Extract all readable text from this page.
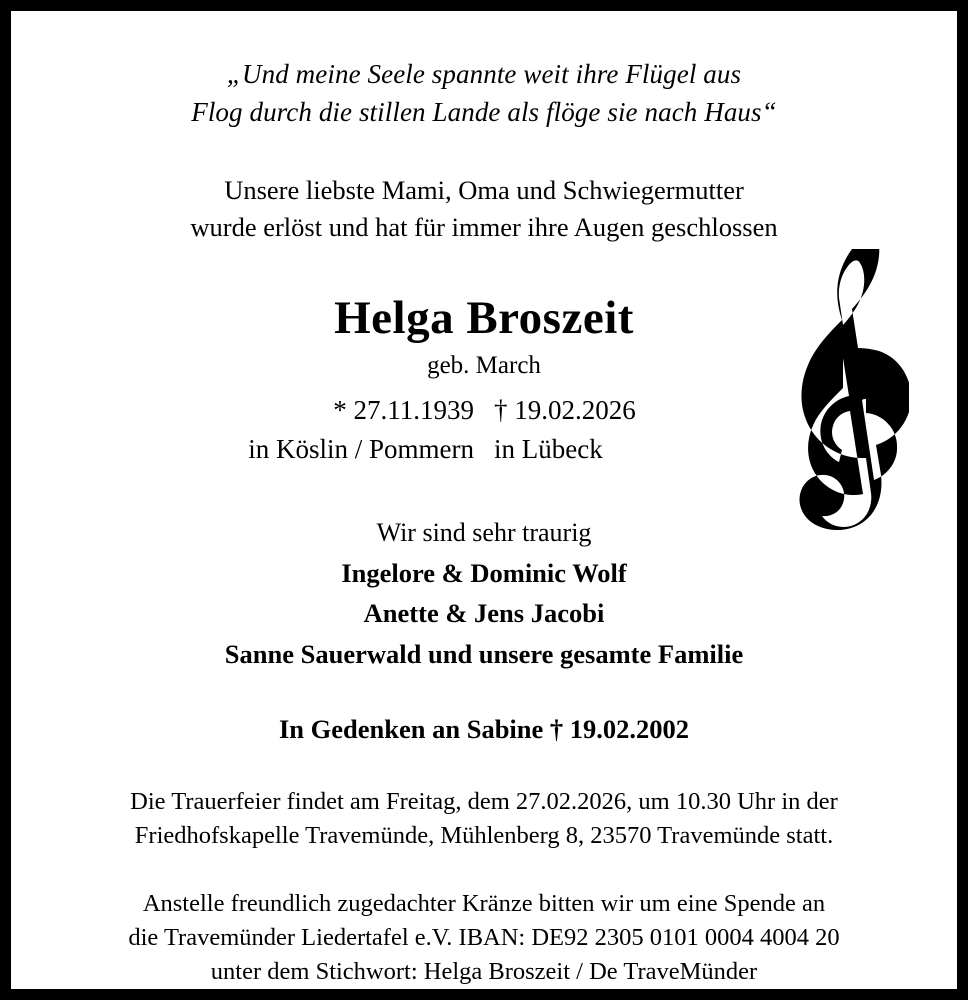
„Und meine Seele spannte weit ihre Flügel aus
Flog durch die stillen Lande als flöge sie nach Haus“
Unsere liebste Mami, Oma und Schwiegermutter
wurde erlöst und hat für immer ihre Augen geschlossen
Helga Broszeit
geb. March
* 27.11.1939 † 19.02.2026
in Köslin / Pommern in Lübeck
Wir sind sehr traurig
Ingelore & Dominic Wolf
Anette & Jens Jacobi
Sanne Sauerwald und unsere gesamte Familie
In Gedenken an Sabine † 19.02.2002
Die Trauerfeier findet am Freitag, dem 27.02.2026, um 10.30 Uhr in der
Friedhofskapelle Travemünde, Mühlenberg 8, 23570 Travemünde statt.
Anstelle freundlich zugedachter Kränze bitten wir um eine Spende an
die Travemünder Liedertafel e.V. IBAN: DE92 2305 0101 0004 4004 20
unter dem Stichwort: Helga Broszeit / De TraveMünder
